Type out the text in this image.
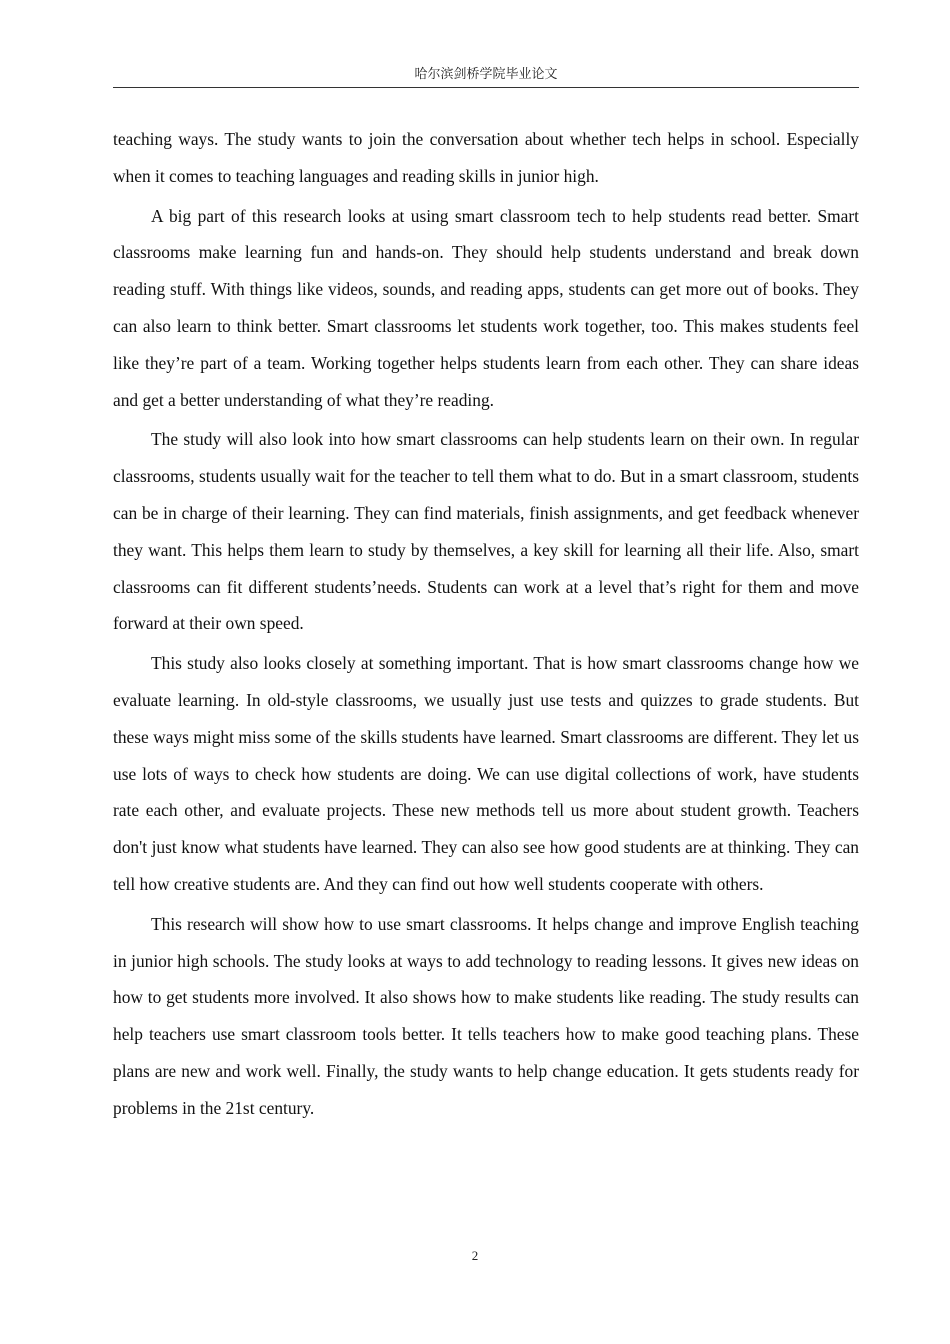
哈尔滨剑桥学院毕业论文

teaching ways. The study wants to join the conversation about whether tech helps in school. Especially when it comes to teaching languages and reading skills in junior high.

A big part of this research looks at using smart classroom tech to help students read better. Smart classrooms make learning fun and hands-on. They should help students understand and break down reading stuff. With things like videos, sounds, and reading apps, students can get more out of books. They can also learn to think better. Smart classrooms let students work together, too. This makes students feel like they’re part of a team. Working together helps students learn from each other. They can share ideas and get a better understanding of what they’re reading.

The study will also look into how smart classrooms can help students learn on their own. In regular classrooms, students usually wait for the teacher to tell them what to do. But in a smart classroom, students can be in charge of their learning. They can find materials, finish assignments, and get feedback whenever they want. This helps them learn to study by themselves, a key skill for learning all their life. Also, smart classrooms can fit different students’needs. Students can work at a level that’s right for them and move forward at their own speed.

This study also looks closely at something important. That is how smart classrooms change how we evaluate learning. In old-style classrooms, we usually just use tests and quizzes to grade students. But these ways might miss some of the skills students have learned. Smart classrooms are different. They let us use lots of ways to check how students are doing. We can use digital collections of work, have students rate each other, and evaluate projects. These new methods tell us more about student growth. Teachers don't just know what students have learned. They can also see how good students are at thinking. They can tell how creative students are. And they can find out how well students cooperate with others.

This research will show how to use smart classrooms. It helps change and improve English teaching in junior high schools. The study looks at ways to add technology to reading lessons. It gives new ideas on how to get students more involved. It also shows how to make students like reading. The study results can help teachers use smart classroom tools better. It tells teachers how to make good teaching plans. These plans are new and work well. Finally, the study wants to help change education. It gets students ready for problems in the 21st century.

2
